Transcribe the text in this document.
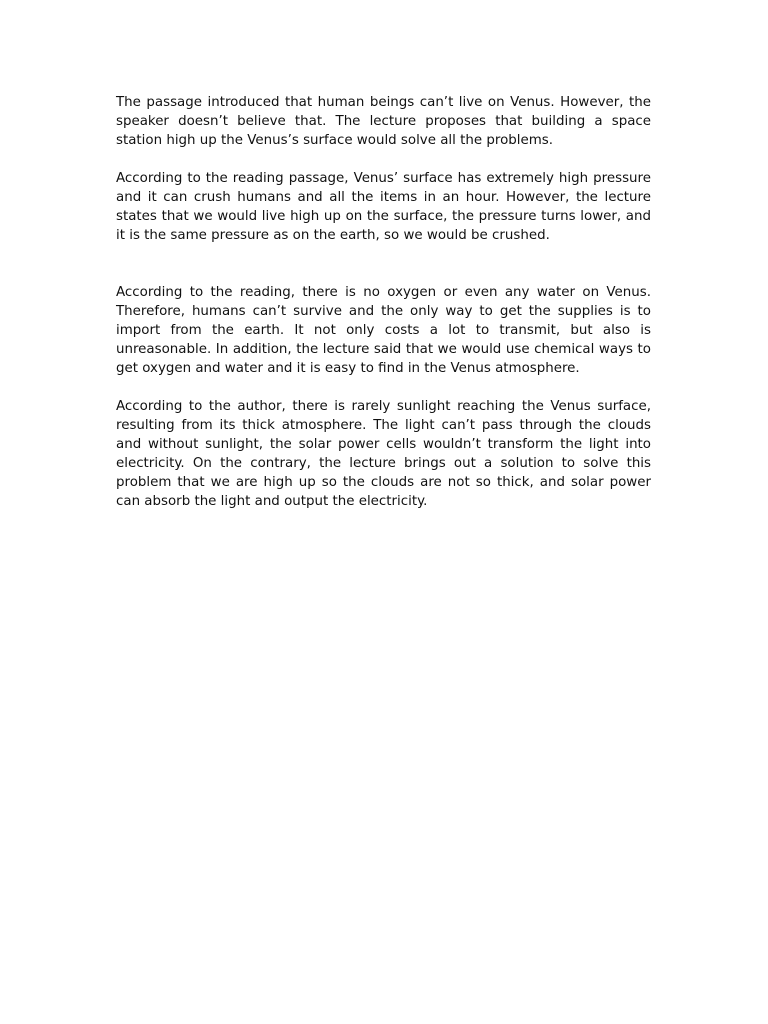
The passage introduced that human beings can’t live on Venus. However, the speaker doesn’t believe that. The lecture proposes that building a space station high up the Venus’s surface would solve all the problems.

According to the reading passage, Venus’ surface has extremely high pressure and it can crush humans and all the items in an hour. However, the lecture states that we would live high up on the surface, the pressure turns lower, and it is the same pressure as on the earth, so we would be crushed.

According to the reading, there is no oxygen or even any water on Venus. Therefore, humans can’t survive and the only way to get the supplies is to import from the earth. It not only costs a lot to transmit, but also is unreasonable. In addition, the lecture said that we would use chemical ways to get oxygen and water and it is easy to find in the Venus atmosphere.

According to the author, there is rarely sunlight reaching the Venus surface, resulting from its thick atmosphere. The light can’t pass through the clouds and without sunlight, the solar power cells wouldn’t transform the light into electricity. On the contrary, the lecture brings out a solution to solve this problem that we are high up so the clouds are not so thick, and solar power can absorb the light and output the electricity.
